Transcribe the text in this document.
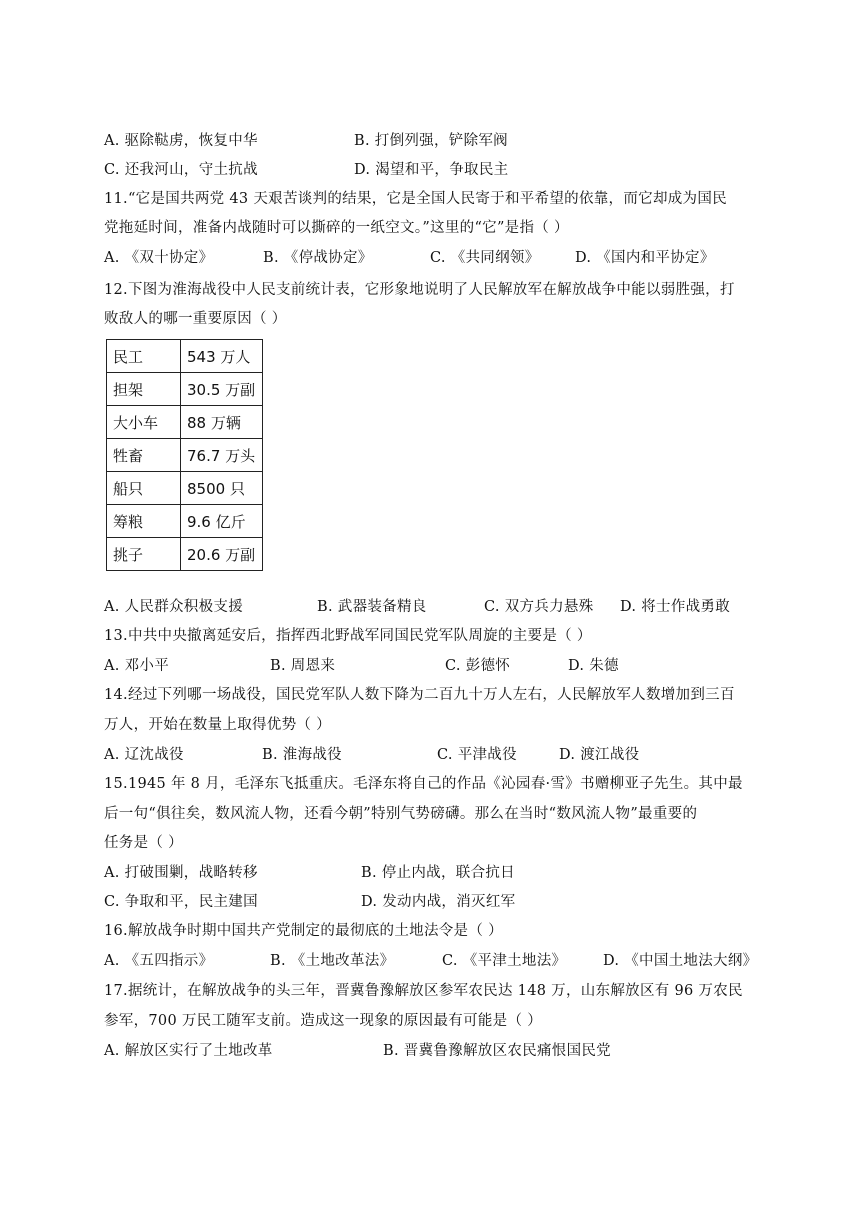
A. 驱除鞑虏，恢复中华	B. 打倒列强，铲除军阀
C. 还我河山，守土抗战	D. 渴望和平，争取民主
11.“它是国共两党 43 天艰苦谈判的结果，它是全国人民寄于和平希望的依靠，而它却成为国民
党拖延时间，准备内战随时可以撕碎的一纸空文。”这里的“它”是指（ ）
A. 《双十协定》	B. 《停战协定》	C. 《共同纲领》 D. 《国内和平协定》
12.下图为淮海战役中人民支前统计表，它形象地说明了人民解放军在解放战争中能以弱胜强，打
败敌人的哪一重要原因（ ）
民工	543 万人
担架	30.5 万副
大小车	88 万辆
牲畜	76.7 万头
船只	8500 只
筹粮	9.6 亿斤
挑子	20.6 万副
A. 人民群众积极支援	B. 武器装备精良	C. 双方兵力悬殊 D. 将士作战勇敢
13.中共中央撤离延安后，指挥西北野战军同国民党军队周旋的主要是（ ）
A. 邓小平	B. 周恩来	C. 彭德怀	D. 朱德
14.经过下列哪一场战役，国民党军队人数下降为二百九十万人左右，人民解放军人数增加到三百
万人，开始在数量上取得优势（ ）
A. 辽沈战役	B. 淮海战役	C. 平津战役	D. 渡江战役
15.1945 年 8 月，毛泽东飞抵重庆。毛泽东将自己的作品《沁园春·雪》书赠柳亚子先生。其中最
后一句“俱往矣，数风流人物，还看今朝”特别气势磅礴。那么在当时“数风流人物”最重要的
任务是（ ）
A. 打破围剿，战略转移	B. 停止内战，联合抗日
C. 争取和平，民主建国	D. 发动内战，消灭红军
16.解放战争时期中国共产党制定的最彻底的土地法令是（ ）
A. 《五四指示》	B. 《土地改革法》	C. 《平津土地法》	D. 《中国土地法大纲》
17.据统计，在解放战争的头三年，晋冀鲁豫解放区参军农民达 148 万，山东解放区有 96 万农民
参军，700 万民工随军支前。造成这一现象的原因最有可能是（ ）
A. 解放区实行了土地改革	B. 晋冀鲁豫解放区农民痛恨国民党
